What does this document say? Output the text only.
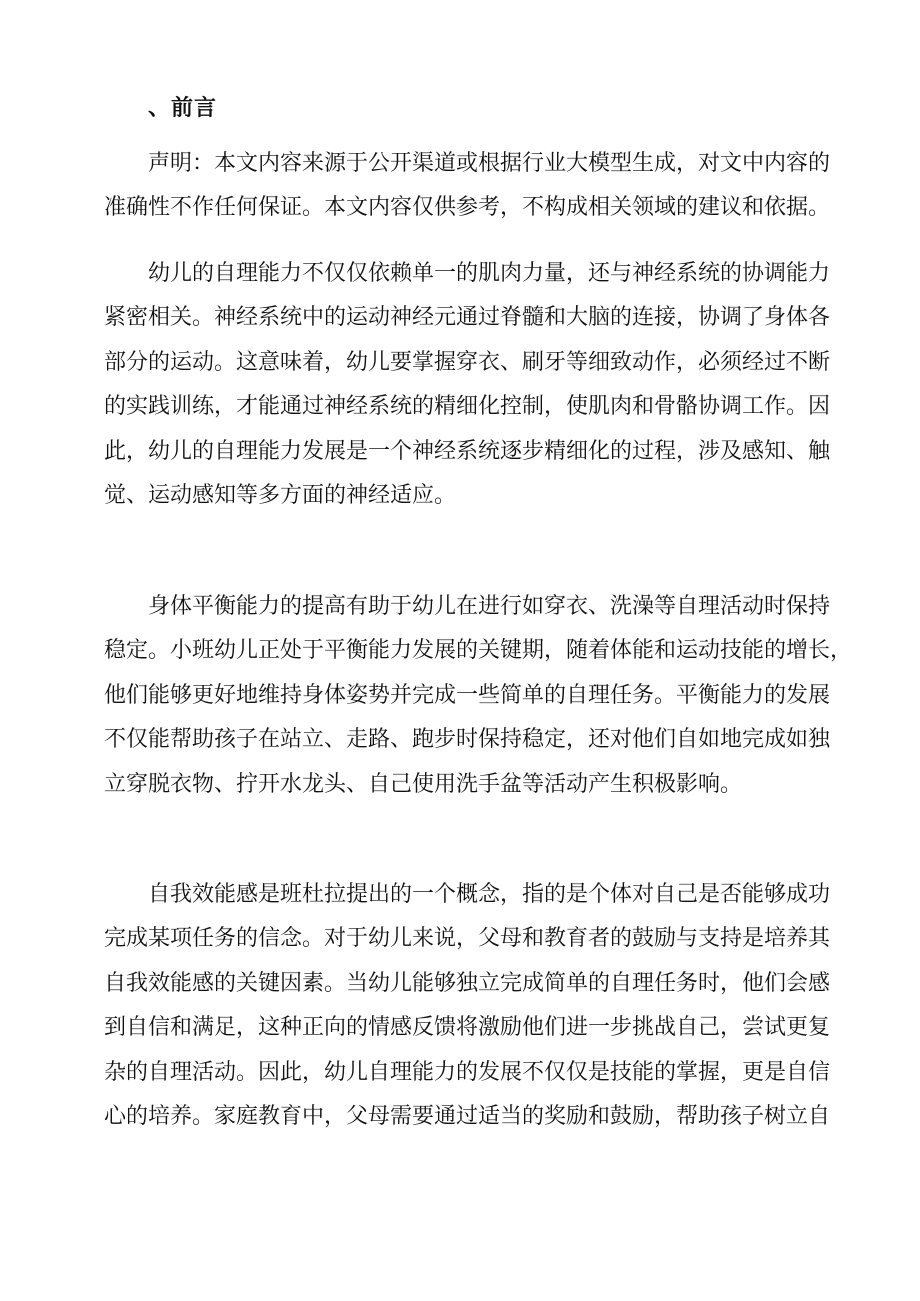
、前言

声明：本文内容来源于公开渠道或根据行业大模型生成，对文中内容的
准确性不作任何保证。本文内容仅供参考，不构成相关领域的建议和依据。

幼儿的自理能力不仅仅依赖单一的肌肉力量，还与神经系统的协调能力
紧密相关。神经系统中的运动神经元通过脊髓和大脑的连接，协调了身体各
部分的运动。这意味着，幼儿要掌握穿衣、刷牙等细致动作，必须经过不断
的实践训练，才能通过神经系统的精细化控制，使肌肉和骨骼协调工作。因
此，幼儿的自理能力发展是一个神经系统逐步精细化的过程，涉及感知、触
觉、运动感知等多方面的神经适应。

身体平衡能力的提高有助于幼儿在进行如穿衣、洗澡等自理活动时保持
稳定。小班幼儿正处于平衡能力发展的关键期，随着体能和运动技能的增长，
他们能够更好地维持身体姿势并完成一些简单的自理任务。平衡能力的发展
不仅能帮助孩子在站立、走路、跑步时保持稳定，还对他们自如地完成如独
立穿脱衣物、拧开水龙头、自己使用洗手盆等活动产生积极影响。

自我效能感是班杜拉提出的一个概念，指的是个体对自己是否能够成功
完成某项任务的信念。对于幼儿来说，父母和教育者的鼓励与支持是培养其
自我效能感的关键因素。当幼儿能够独立完成简单的自理任务时，他们会感
到自信和满足，这种正向的情感反馈将激励他们进一步挑战自己，尝试更复
杂的自理活动。因此，幼儿自理能力的发展不仅仅是技能的掌握，更是自信
心的培养。家庭教育中，父母需要通过适当的奖励和鼓励，帮助孩子树立自
